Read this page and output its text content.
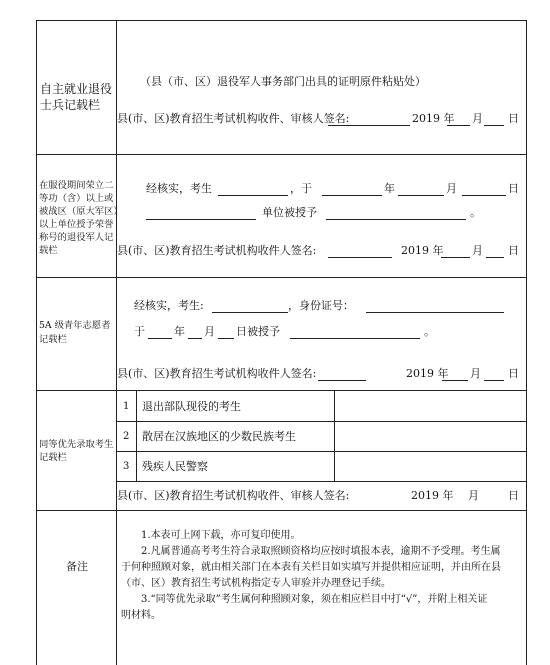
自主就业退役
士兵记载栏
（县（市、区）退役军人事务部门出具的证明原件粘贴处）
县(市、区)教育招生考试机构收件、审核人签名:	2019 年 月 日
在服役期间荣立二
等功（含）以上或
被战区（原大军区）
以上单位授予荣誉
称号的退役军人记
载栏
经核实，考生	，于	年	月	日
单位被授予	。
县(市、区)教育招生考试机构收件人签名:	2019 年	月 日
5A 级青年志愿者
记载栏
经核实，考生:	，身份证号：
于	年 月 日被授予	。
县(市、区)教育招生考试机构收件人签名:	2019 年 月 日
同等优先录取考生
记载栏
1 退出部队现役的考生
2 散居在汉族地区的少数民族考生
3 残疾人民警察
县(市、区)教育招生考试机构收件、审核人签名:	2019 年 月	日
备注
1.本表可上网下载，亦可复印使用。
2.凡属普通高考考生符合录取照顾资格均应按时填报本表，逾期不予受理。考生属
于何种照顾对象，就由相关部门在本表有关栏目如实填写并提供相应证明，并由所在县
（市、区）教育招生考试机构指定专人审验并办理登记手续。
3.“同等优先录取”考生属何种照顾对象，须在相应栏目中打“√”，并附上相关证
明材料。
